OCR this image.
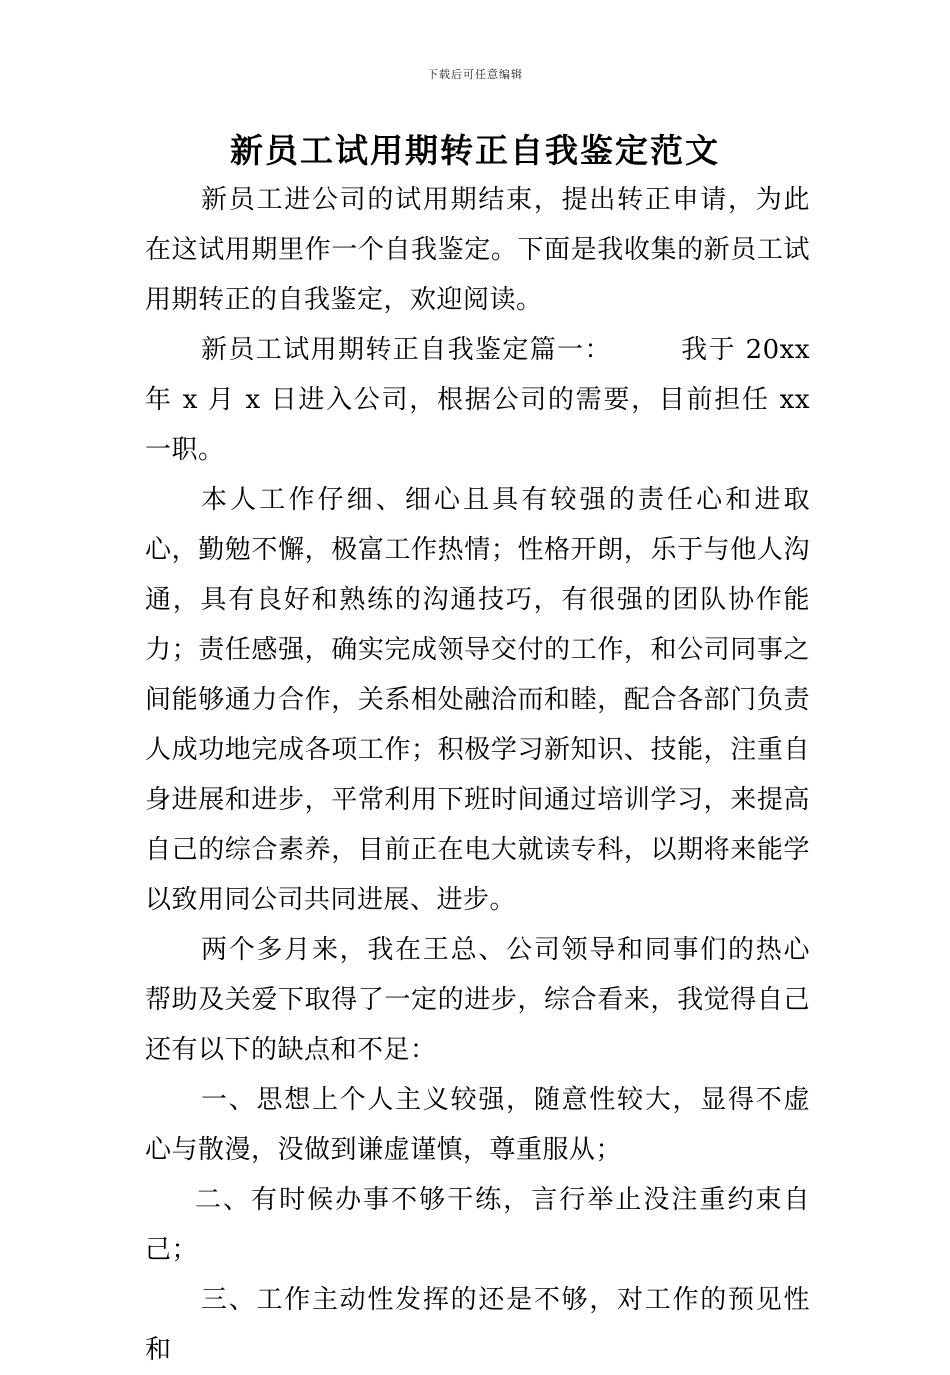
下载后可任意编辑
新员工试用期转正自我鉴定范文

新员工进公司的试用期结束，提出转正申请，为此在这试用期里作一个自我鉴定。下面是我收集的新员工试用期转正的自我鉴定，欢迎阅读。

新员工试用期转正自我鉴定篇一：　　　我于 20xx 年 x 月 x 日进入公司，根据公司的需要，目前担任 xx 一职。

本人工作仔细、细心且具有较强的责任心和进取心，勤勉不懈，极富工作热情；性格开朗，乐于与他人沟通，具有良好和熟练的沟通技巧，有很强的团队协作能力；责任感强，确实完成领导交付的工作，和公司同事之间能够通力合作，关系相处融洽而和睦，配合各部门负责人成功地完成各项工作；积极学习新知识、技能，注重自身进展和进步，平常利用下班时间通过培训学习，来提高自己的综合素养，目前正在电大就读专科，以期将来能学以致用同公司共同进展、进步。

两个多月来，我在王总、公司领导和同事们的热心帮助及关爱下取得了一定的进步，综合看来，我觉得自己还有以下的缺点和不足：

一、思想上个人主义较强，随意性较大，显得不虚心与散漫，没做到谦虚谨慎，尊重服从；

二、有时候办事不够干练，言行举止没注重约束自己；

三、工作主动性发挥的还是不够，对工作的预见性和
